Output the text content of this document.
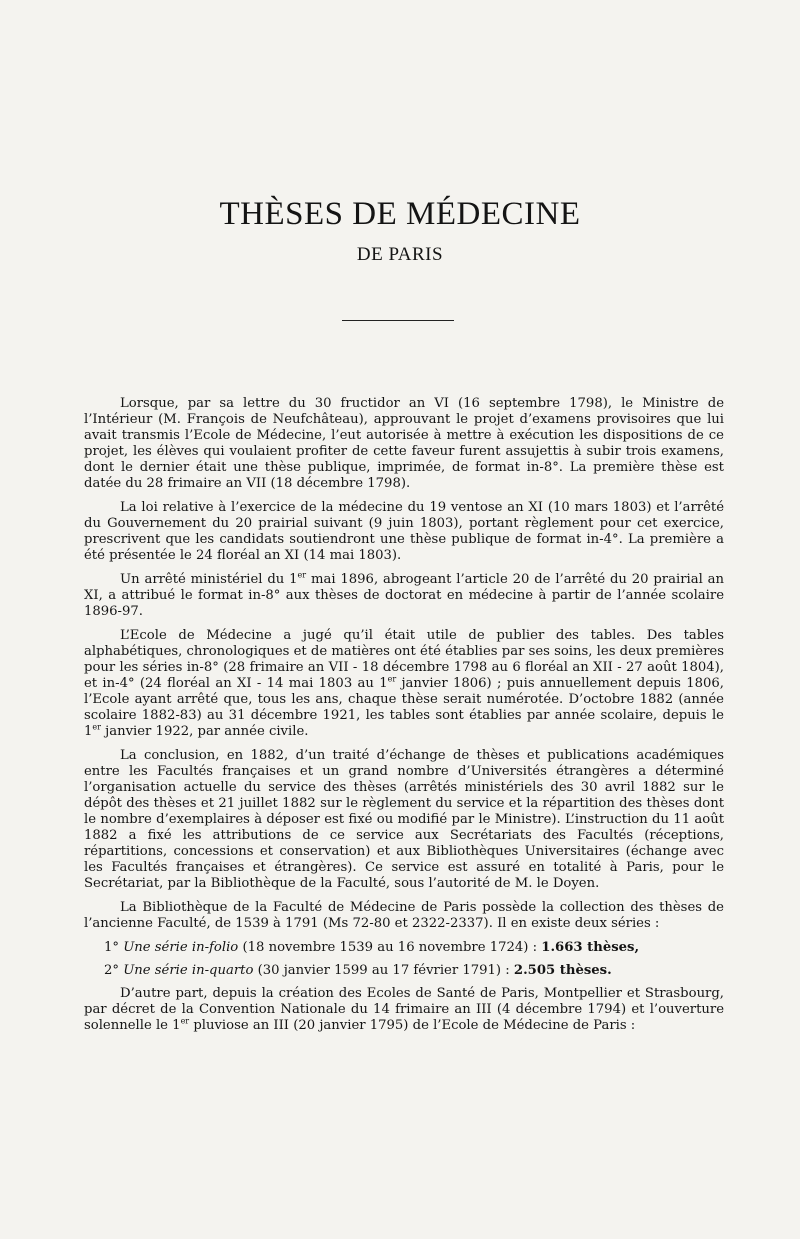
THÈSES DE MÉDECINE
DE PARIS

Lorsque, par sa lettre du 30 fructidor an VI (16 septembre 1798), le Ministre de l’Intérieur (M. François de Neufchâteau), approuvant le projet d’examens provisoires que lui avait transmis l’Ecole de Médecine, l’eut autorisée à mettre à exécution les dispositions de ce projet, les élèves qui voulaient profiter de cette faveur furent assujettis à subir trois examens, dont le dernier était une thèse publique, imprimée, de format in-8°. La première thèse est datée du 28 frimaire an VII (18 décembre 1798).

La loi relative à l’exercice de la médecine du 19 ventose an XI (10 mars 1803) et l’arrêté du Gouvernement du 20 prairial suivant (9 juin 1803), portant règlement pour cet exercice, prescrivent que les candidats soutiendront une thèse publique de format in-4°. La première a été présentée le 24 floréal an XI (14 mai 1803).

Un arrêté ministériel du 1er mai 1896, abrogeant l’article 20 de l’arrêté du 20 prairial an XI, a attribué le format in-8° aux thèses de doctorat en médecine à partir de l’année scolaire 1896-97.

L’Ecole de Médecine a jugé qu’il était utile de publier des tables. Des tables alphabétiques, chronologiques et de matières ont été établies par ses soins, les deux premières pour les séries in-8° (28 frimaire an VII - 18 décembre 1798 au 6 floréal an XII - 27 août 1804), et in-4° (24 floréal an XI - 14 mai 1803 au 1er janvier 1806) ; puis annuellement depuis 1806, l’Ecole ayant arrêté que, tous les ans, chaque thèse serait numérotée. D’octobre 1882 (année scolaire 1882-83) au 31 décembre 1921, les tables sont établies par année scolaire, depuis le 1er janvier 1922, par année civile.

La conclusion, en 1882, d’un traité d’échange de thèses et publications académiques entre les Facultés françaises et un grand nombre d’Universités étrangères a déterminé l’organisation actuelle du service des thèses (arrêtés ministériels des 30 avril 1882 sur le dépôt des thèses et 21 juillet 1882 sur le règlement du service et la répartition des thèses dont le nombre d’exemplaires à déposer est fixé ou modifié par le Ministre). L’instruction du 11 août 1882 a fixé les attributions de ce service aux Secrétariats des Facultés (réceptions, répartitions, concessions et conservation) et aux Bibliothèques Universitaires (échange avec les Facultés françaises et étrangères). Ce service est assuré en totalité à Paris, pour le Secrétariat, par la Bibliothèque de la Faculté, sous l’autorité de M. le Doyen.

La Bibliothèque de la Faculté de Médecine de Paris possède la collection des thèses de l’ancienne Faculté, de 1539 à 1791 (Ms 72-80 et 2322-2337). Il en existe deux séries :

1° Une série in-folio (18 novembre 1539 au 16 novembre 1724) : 1.663 thèses,

2° Une série in-quarto (30 janvier 1599 au 17 février 1791) : 2.505 thèses.

D’autre part, depuis la création des Ecoles de Santé de Paris, Montpellier et Strasbourg, par décret de la Convention Nationale du 14 frimaire an III (4 décembre 1794) et l’ouverture solennelle le 1er pluviose an III (20 janvier 1795) de l’Ecole de Médecine de Paris :
